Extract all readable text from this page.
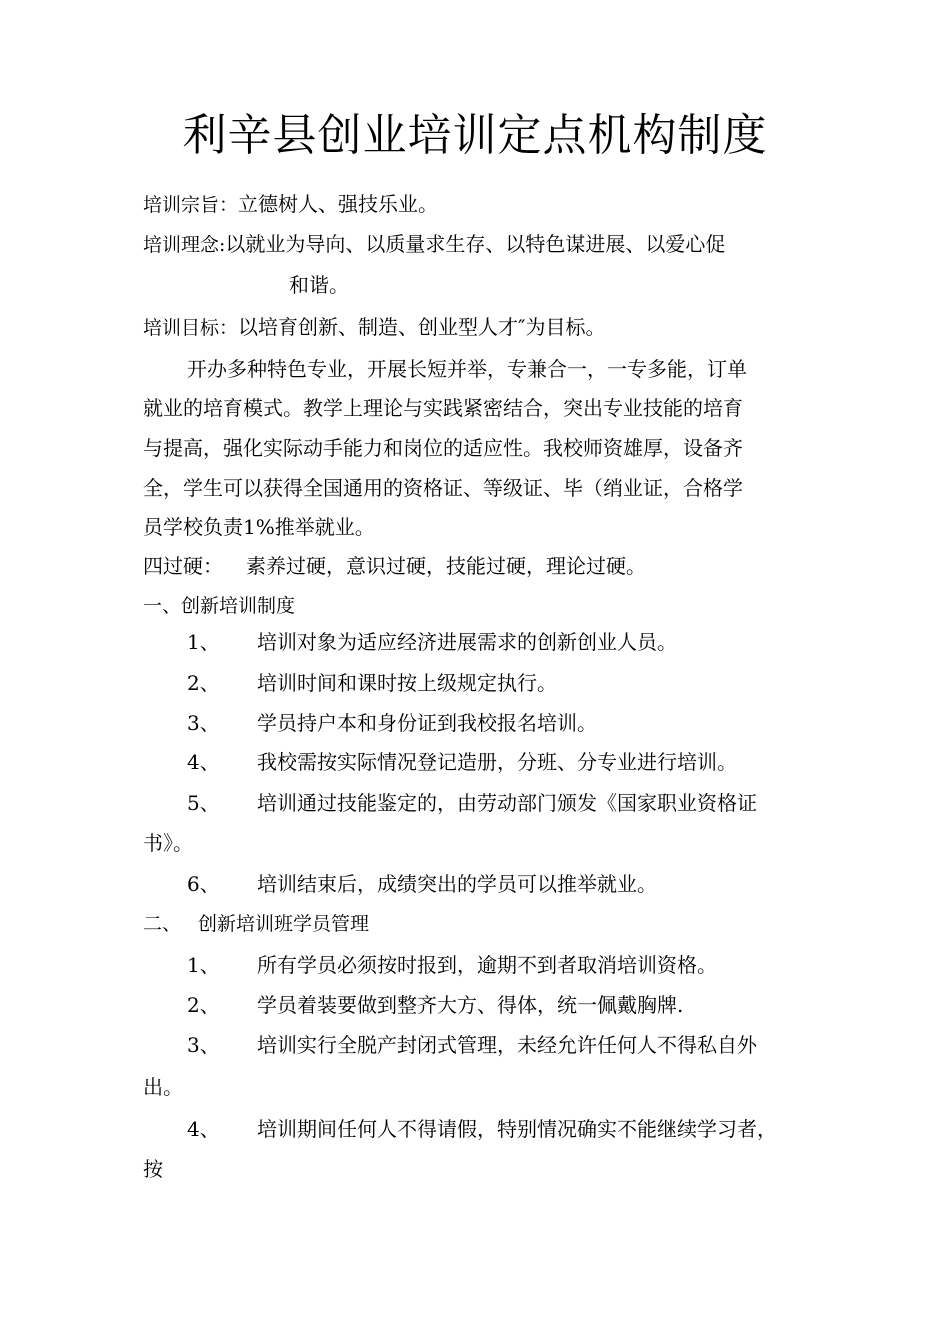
利辛县创业培训定点机构制度
培训宗旨：立德树人、强技乐业。
培训理念:以就业为导向、以质量求生存、以特色谋进展、以爱心促
和谐。
培训目标：以培育创新、制造、创业型人才″为目标。
开办多种特色专业，开展长短并举，专兼合一，一专多能，订单
就业的培育模式。教学上理论与实践紧密结合，突出专业技能的培育
与提高，强化实际动手能力和岗位的适应性。我校师资雄厚，设备齐
全，学生可以获得全国通用的资格证、等级证、毕（绡业证，合格学
员学校负责1%推举就业。
四过硬： 素养过硬，意识过硬，技能过硬，理论过硬。
一、创新培训制度
1、 培训对象为适应经济进展需求的创新创业人员。
2、 培训时间和课时按上级规定执行。
3、 学员持户本和身份证到我校报名培训。
4、 我校需按实际情况登记造册，分班、分专业进行培训。
5、 培训通过技能鉴定的，由劳动部门颁发《国家职业资格证
书》。
6、 培训结束后，成绩突出的学员可以推举就业。
二、 创新培训班学员管理
1、 所有学员必须按时报到，逾期不到者取消培训资格。
2、 学员着装要做到整齐大方、得体，统一佩戴胸牌.
3、 培训实行全脱产封闭式管理，未经允许任何人不得私自外
出。
4、 培训期间任何人不得请假，特别情况确实不能继续学习者，
按
